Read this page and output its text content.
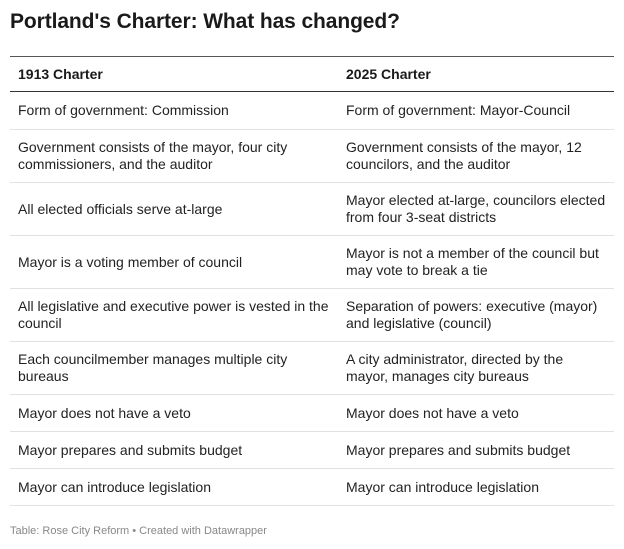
Portland's Charter: What has changed?
1913 Charter	2025 Charter
Form of government: Commission	Form of government: Mayor-Council
Government consists of the mayor, four city commissioners, and the auditor	Government consists of the mayor, 12 councilors, and the auditor
All elected officials serve at-large	Mayor elected at-large, councilors elected from four 3-seat districts
Mayor is a voting member of council	Mayor is not a member of the council but may vote to break a tie
All legislative and executive power is vested in the council	Separation of powers: executive (mayor) and legislative (council)
Each councilmember manages multiple city bureaus	A city administrator, directed by the mayor, manages city bureaus
Mayor does not have a veto	Mayor does not have a veto
Mayor prepares and submits budget	Mayor prepares and submits budget
Mayor can introduce legislation	Mayor can introduce legislation
Table: Rose City Reform • Created with Datawrapper
